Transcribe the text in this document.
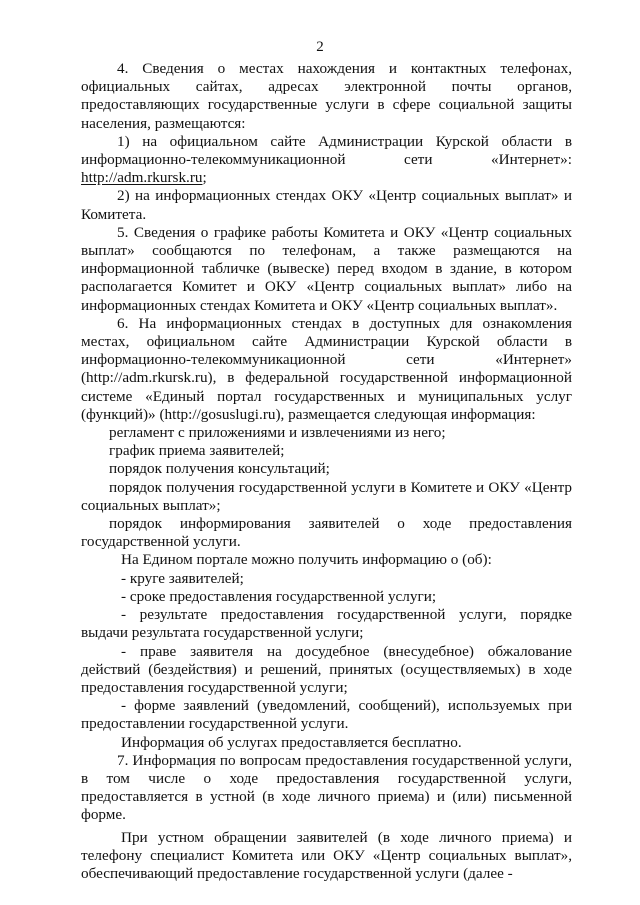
2

4. Сведения о местах нахождения и контактных телефонах, официальных сайтах, адресах электронной почты органов, предоставляющих государственные услуги в сфере социальной защиты населения, размещаются:

1) на официальном сайте Администрации Курской области в информационно-телекоммуникационной сети «Интернет»: http://adm.rkursk.ru;

2) на информационных стендах ОКУ «Центр социальных выплат» и Комитета.

5. Сведения о графике работы Комитета и ОКУ «Центр социальных выплат» сообщаются по телефонам, а также размещаются на информационной табличке (вывеске) перед входом в здание, в котором располагается Комитет и ОКУ «Центр социальных выплат» либо на информационных стендах Комитета и ОКУ «Центр социальных выплат».

6. На информационных стендах в доступных для ознакомления местах, официальном сайте Администрации Курской области в информационно-телекоммуникационной сети «Интернет» (http://adm.rkursk.ru), в федеральной государственной информационной системе «Единый портал государственных и муниципальных услуг (функций)» (http://gosuslugi.ru), размещается следующая информация:

регламент с приложениями и извлечениями из него;

график приема заявителей;

порядок получения консультаций;

порядок получения государственной услуги в Комитете и ОКУ «Центр социальных выплат»;

порядок информирования заявителей о ходе предоставления государственной услуги.

На Едином портале можно получить информацию о (об):

- круге заявителей;

- сроке предоставления государственной услуги;

- результате предоставления государственной услуги, порядке выдачи результата государственной услуги;

- праве заявителя на досудебное (внесудебное) обжалование действий (бездействия) и решений, принятых (осуществляемых) в ходе предоставления государственной услуги;

- форме заявлений (уведомлений, сообщений), используемых при предоставлении государственной услуги.

Информация об услугах предоставляется бесплатно.

7. Информация по вопросам предоставления государственной услуги, в том числе о ходе предоставления государственной услуги, предоставляется в устной (в ходе личного приема) и (или) письменной форме.

При устном обращении заявителей (в ходе личного приема) и телефону специалист Комитета или ОКУ «Центр социальных выплат», обеспечивающий предоставление государственной услуги (далее -
